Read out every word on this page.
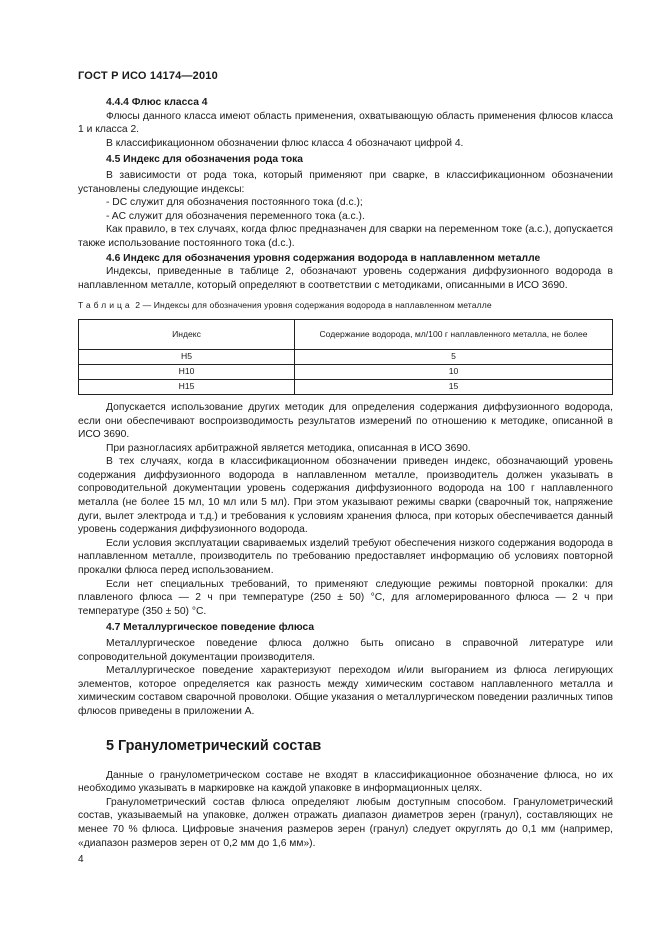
ГОСТ Р ИСО 14174—2010
4.4.4 Флюс класса 4
Флюсы данного класса имеют область применения, охватывающую область применения флюсов класса 1 и класса 2.
В классификационном обозначении флюс класса 4 обозначают цифрой 4.
4.5 Индекс для обозначения рода тока
В зависимости от рода тока, который применяют при сварке, в классификационном обозначении установлены следующие индексы:
- DC служит для обозначения постоянного тока (d.c.);
- AC служит для обозначения переменного тока (a.c.).
Как правило, в тех случаях, когда флюс предназначен для сварки на переменном токе (a.c.), допускается также использование постоянного тока (d.c.).
4.6 Индекс для обозначения уровня содержания водорода в наплавленном металле
Индексы, приведенные в таблице 2, обозначают уровень содержания диффузионного водорода в наплавленном металле, который определяют в соответствии с методиками, описанными в ИСО 3690.
Таблица 2 — Индексы для обозначения уровня содержания водорода в наплавленном металле
Индекс	Содержание водорода, мл/100 г наплавленного металла, не более
H5	5
H10	10
H15	15
Допускается использование других методик для определения содержания диффузионного водорода, если они обеспечивают воспроизводимость результатов измерений по отношению к методике, описанной в ИСО 3690.
При разногласиях арбитражной является методика, описанная в ИСО 3690.
В тех случаях, когда в классификационном обозначении приведен индекс, обозначающий уровень содержания диффузионного водорода в наплавленном металле, производитель должен указывать в сопроводительной документации уровень содержания диффузионного водорода на 100 г наплавленного металла (не более 15 мл, 10 мл или 5 мл). При этом указывают режимы сварки (сварочный ток, напряжение дуги, вылет электрода и т.д.) и требования к условиям хранения флюса, при которых обеспечивается данный уровень содержания диффузионного водорода.
Если условия эксплуатации свариваемых изделий требуют обеспечения низкого содержания водорода в наплавленном металле, производитель по требованию предоставляет информацию об условиях повторной прокалки флюса перед использованием.
Если нет специальных требований, то применяют следующие режимы повторной прокалки: для плавленого флюса — 2 ч при температуре (250 ± 50) °С, для агломерированного флюса — 2 ч при температуре (350 ± 50) °С.
4.7 Металлургическое поведение флюса
Металлургическое поведение флюса должно быть описано в справочной литературе или сопроводительной документации производителя.
Металлургическое поведение характеризуют переходом и/или выгоранием из флюса легирующих элементов, которое определяется как разность между химическим составом наплавленного металла и химическим составом сварочной проволоки. Общие указания о металлургическом поведении различных типов флюсов приведены в приложении А.
5 Гранулометрический состав
Данные о гранулометрическом составе не входят в классификационное обозначение флюса, но их необходимо указывать в маркировке на каждой упаковке в информационных целях.
Гранулометрический состав флюса определяют любым доступным способом. Гранулометрический состав, указываемый на упаковке, должен отражать диапазон диаметров зерен (гранул), составляющих не менее 70 % флюса. Цифровые значения размеров зерен (гранул) следует округлять до 0,1 мм (например, «диапазон размеров зерен от 0,2 мм до 1,6 мм»).
4
